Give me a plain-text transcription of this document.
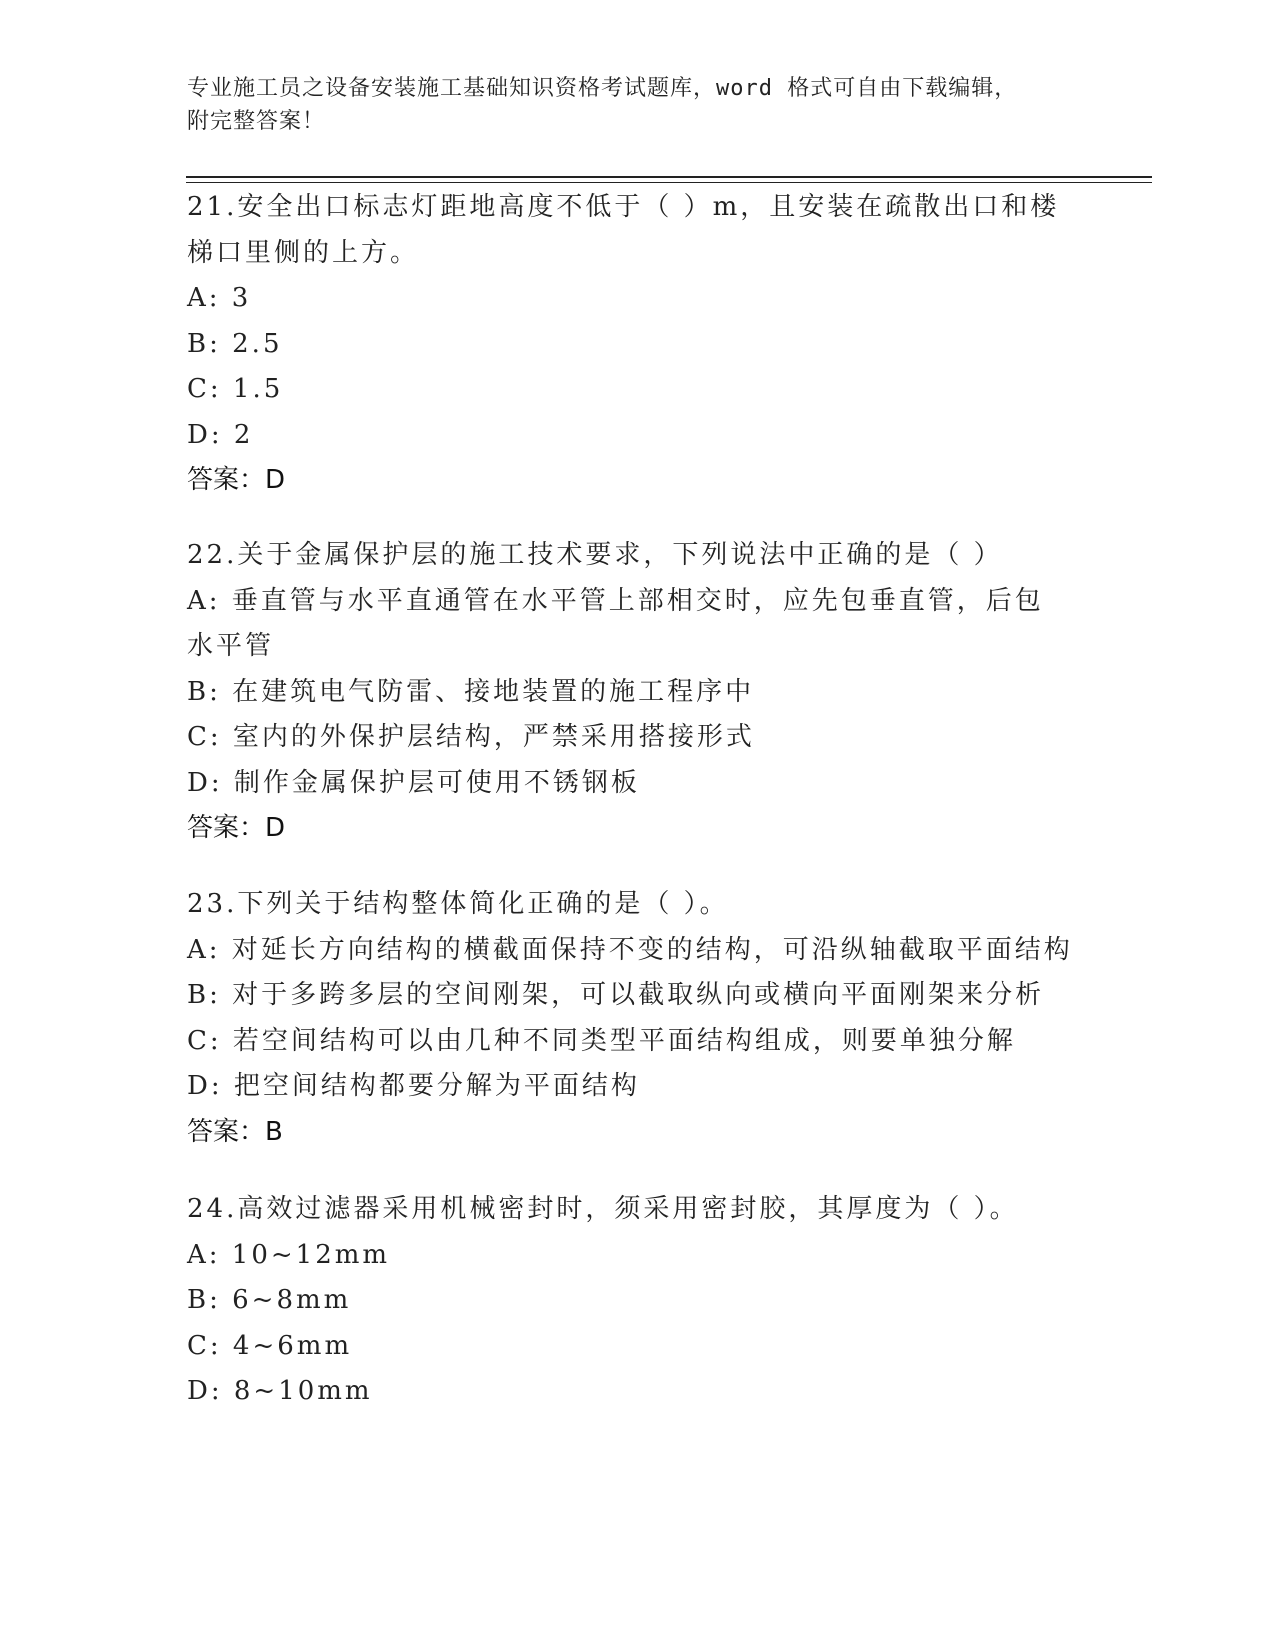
专业施工员之设备安装施工基础知识资格考试题库，word 格式可自由下载编辑，
附完整答案！
21.安全出口标志灯距地高度不低于（ ）m，且安装在疏散出口和楼梯口里侧的上方。
A: 3
B: 2.5
C: 1.5
D: 2
答案：D
22.关于金属保护层的施工技术要求，下列说法中正确的是（ ）
A: 垂直管与水平直通管在水平管上部相交时，应先包垂直管，后包水平管
B: 在建筑电气防雷、接地装置的施工程序中
C: 室内的外保护层结构，严禁采用搭接形式
D: 制作金属保护层可使用不锈钢板
答案：D
23.下列关于结构整体简化正确的是（ ）。
A: 对延长方向结构的横截面保持不变的结构，可沿纵轴截取平面结构
B: 对于多跨多层的空间刚架，可以截取纵向或横向平面刚架来分析
C: 若空间结构可以由几种不同类型平面结构组成，则要单独分解
D: 把空间结构都要分解为平面结构
答案：B
24.高效过滤器采用机械密封时，须采用密封胶，其厚度为（ ）。
A: 10~12mm
B: 6~8mm
C: 4~6mm
D: 8~10mm
